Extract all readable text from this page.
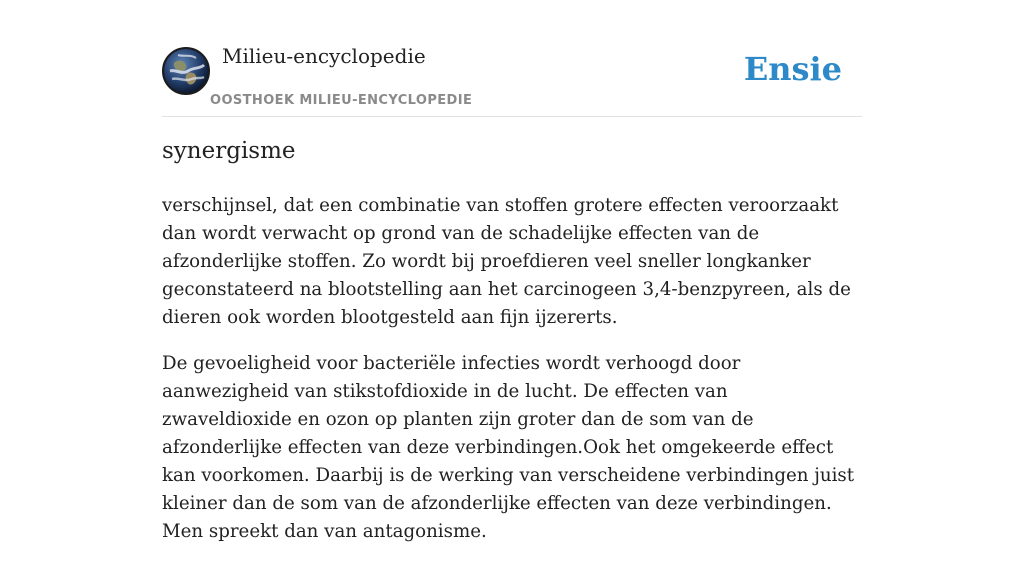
Milieu-encyclopedie
OOSTHOEK MILIEU-ENCYCLOPEDIE
Ensie
synergisme

verschijnsel, dat een combinatie van stoffen grotere effecten veroorzaakt dan wordt verwacht op grond van de schadelijke effecten van de afzonderlijke stoffen. Zo wordt bij proefdieren veel sneller longkanker geconstateerd na blootstelling aan het carcinogeen 3,4-benzpyreen, als de dieren ook worden blootgesteld aan fijn ijzererts.

De gevoeligheid voor bacteriële infecties wordt verhoogd door aanwezigheid van stikstofdioxide in de lucht. De effecten van zwaveldioxide en ozon op planten zijn groter dan de som van de afzonderlijke effecten van deze verbindingen.Ook het omgekeerde effect kan voorkomen. Daarbij is de werking van verscheidene verbindingen juist kleiner dan de som van de afzonderlijke effecten van deze verbindingen. Men spreekt dan van antagonisme.
